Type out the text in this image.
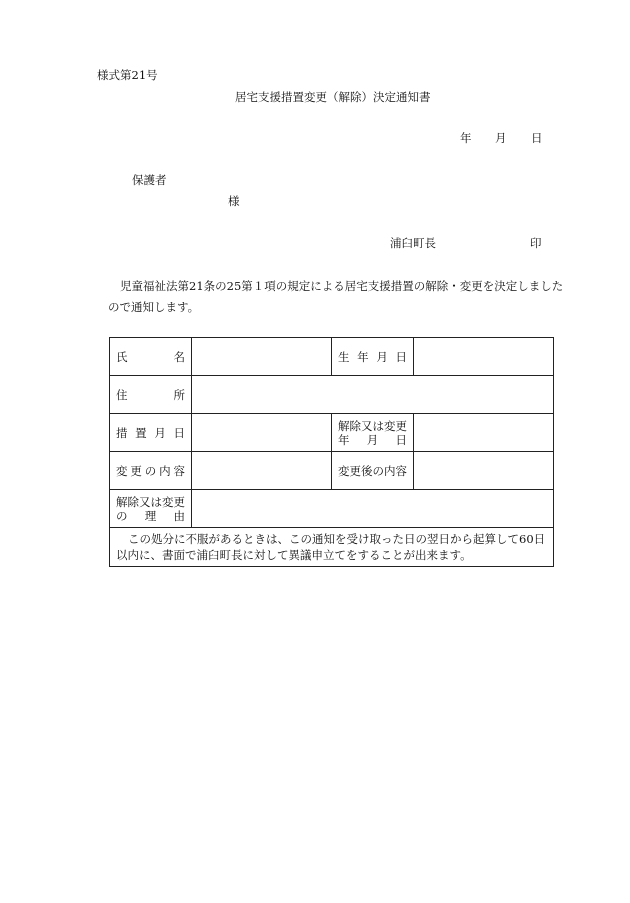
様式第21号
居宅支援措置変更（解除）決定通知書
年 月 日
保護者
様
浦臼町長	印
児童福祉法第21条の25第１項の規定による居宅支援措置の解除・変更を決定しましたので通知します。
氏　　名		生 年 月 日	

住　　所			

措 置 月 日		解除又は変更
年 　月 　日	

変更の内容		変更後の内容	

解除又は変更
の　理　由			

この処分に不服があるときは、この通知を受け取った日の翌日から起算して60日以内に、書面で浦臼町長に対して異議申立てをすることが出来ます。			
